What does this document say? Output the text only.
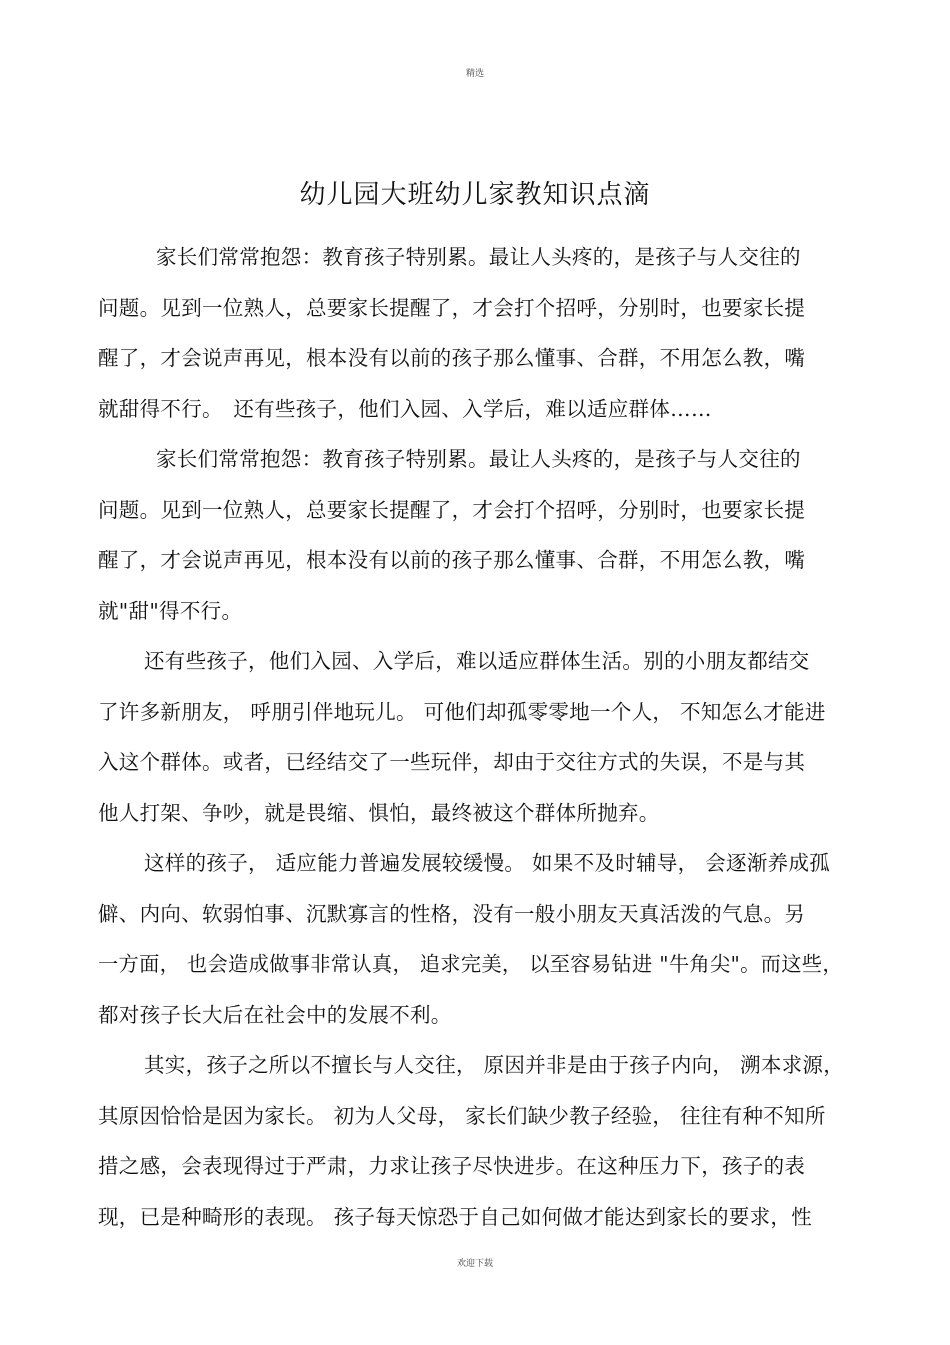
精选
幼儿园大班幼儿家教知识点滴
家长们常常抱怨：教育孩子特别累。最让人头疼的，是孩子与人交往的
问题。见到一位熟人，总要家长提醒了，才会打个招呼，分别时，也要家长提
醒了，才会说声再见，根本没有以前的孩子那么懂事、合群，不用怎么教，嘴
就甜得不行。　还有些孩子，他们入园、入学后，难以适应群体……
家长们常常抱怨：教育孩子特别累。最让人头疼的，是孩子与人交往的
问题。见到一位熟人，总要家长提醒了，才会打个招呼，分别时，也要家长提
醒了，才会说声再见，根本没有以前的孩子那么懂事、合群，不用怎么教，嘴
就"甜"得不行。
还有些孩子，他们入园、入学后，难以适应群体生活。别的小朋友都结交
了许多新朋友， 呼朋引伴地玩儿。 可他们却孤零零地一个人， 不知怎么才能进
入这个群体。或者，已经结交了一些玩伴，却由于交往方式的失误，不是与其
他人打架、争吵，就是畏缩、惧怕，最终被这个群体所抛弃。
这样的孩子， 适应能力普遍发展较缓慢。 如果不及时辅导， 会逐渐养成孤
僻、内向、软弱怕事、沉默寡言的性格，没有一般小朋友天真活泼的气息。另
一方面， 也会造成做事非常认真， 追求完美， 以至容易钻进 "牛角尖"。而这些，
都对孩子长大后在社会中的发展不利。
其实，孩子之所以不擅长与人交往， 原因并非是由于孩子内向， 溯本求源，
其原因恰恰是因为家长。 初为人父母， 家长们缺少教子经验， 往往有种不知所
措之感，会表现得过于严肃，力求让孩子尽快进步。在这种压力下，孩子的表
现，已是种畸形的表现。 孩子每天惊恐于自己如何做才能达到家长的要求，性
欢迎下载
